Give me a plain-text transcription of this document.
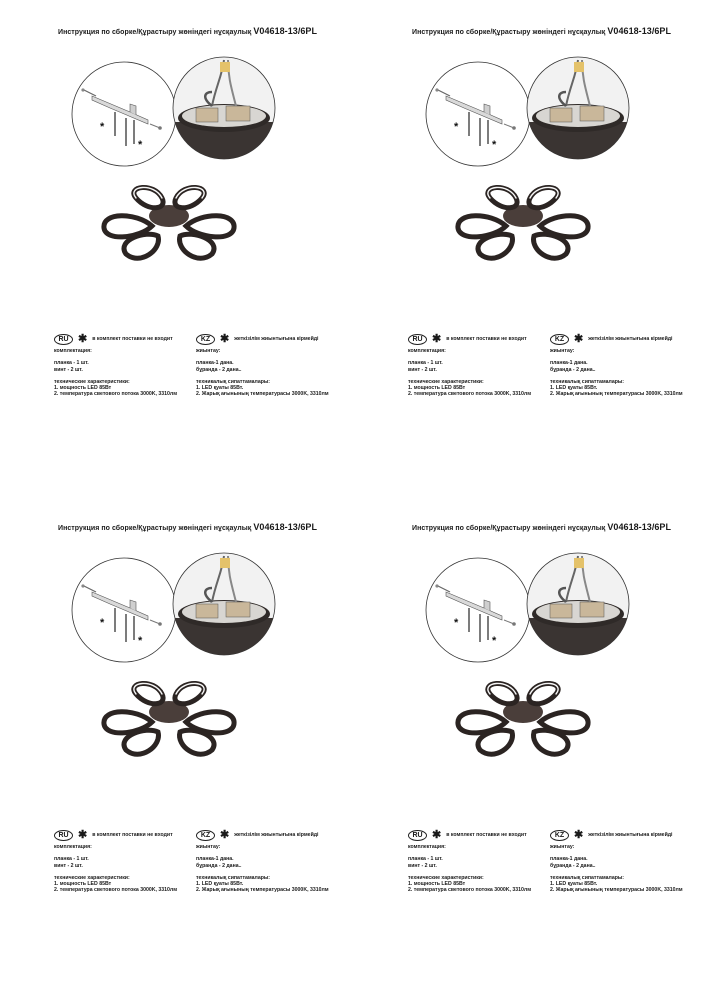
Инструкция по сборке/Құрастыру жөніндегі нұсқаулық V04618-13/6PL
*
*
RU ✱ в комплект поставки не входит
комплектация:
планка - 1 шт.
винт - 2 шт.
технические характеристики:
1. мощность LED 85Вт
2. температура светового потока 3000K, 3310лм
KZ ✱ жеткізілім жиынтығына кірмейді
жиынтау:
планка-1 дана.
бұранда - 2 дана..
техникалық сипаттамалары:
1. LED қуаты 85Вт.
2. Жарық ағынының температурасы 3000K, 3310лм
Инструкция по сборке/Құрастыру жөніндегі нұсқаулық V04618-13/6PL
*
*
RU ✱ в комплект поставки не входит
комплектация:
планка - 1 шт.
винт - 2 шт.
технические характеристики:
1. мощность LED 85Вт
2. температура светового потока 3000K, 3310лм
KZ ✱ жеткізілім жиынтығына кірмейді
жиынтау:
планка-1 дана.
бұранда - 2 дана..
техникалық сипаттамалары:
1. LED қуаты 85Вт.
2. Жарық ағынының температурасы 3000K, 3310лм
Инструкция по сборке/Құрастыру жөніндегі нұсқаулық V04618-13/6PL
*
*
RU ✱ в комплект поставки не входит
комплектация:
планка - 1 шт.
винт - 2 шт.
технические характеристики:
1. мощность LED 85Вт
2. температура светового потока 3000K, 3310лм
KZ ✱ жеткізілім жиынтығына кірмейді
жиынтау:
планка-1 дана.
бұранда - 2 дана..
техникалық сипаттамалары:
1. LED қуаты 85Вт.
2. Жарық ағынының температурасы 3000K, 3310лм
Инструкция по сборке/Құрастыру жөніндегі нұсқаулық V04618-13/6PL
*
*
RU ✱ в комплект поставки не входит
комплектация:
планка - 1 шт.
винт - 2 шт.
технические характеристики:
1. мощность LED 85Вт
2. температура светового потока 3000K, 3310лм
KZ ✱ жеткізілім жиынтығына кірмейді
жиынтау:
планка-1 дана.
бұранда - 2 дана..
техникалық сипаттамалары:
1. LED қуаты 85Вт.
2. Жарық ағынының температурасы 3000K, 3310лм
